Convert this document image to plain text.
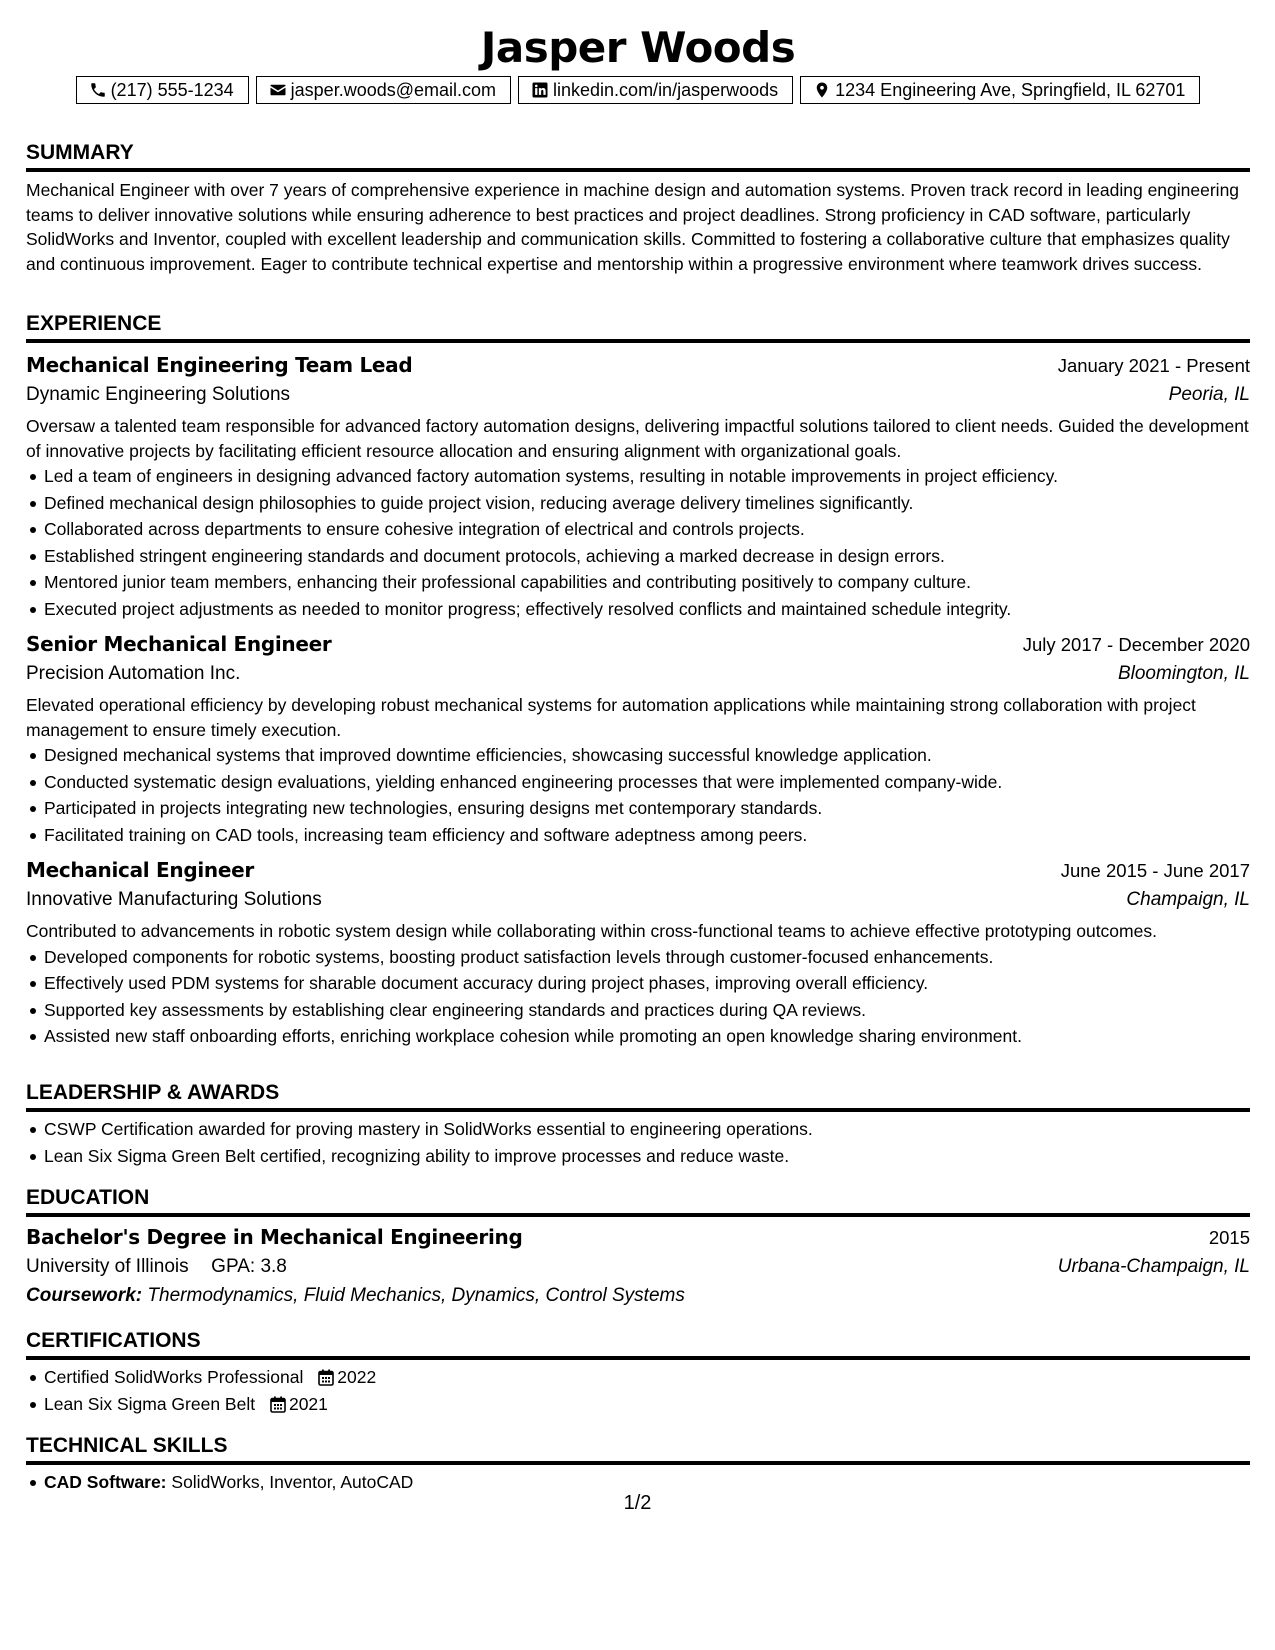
Jasper Woods
(217) 555-1234	jasper.woods@email.com	linkedin.com/in/jasperwoods	1234 Engineering Ave, Springfield, IL 62701
SUMMARY

Mechanical Engineer with over 7 years of comprehensive experience in machine design and automation systems. Proven track record in leading engineering teams to deliver innovative solutions while ensuring adherence to best practices and project deadlines. Strong proficiency in CAD software, particularly SolidWorks and Inventor, coupled with excellent leadership and communication skills. Committed to fostering a collaborative culture that emphasizes quality and continuous improvement. Eager to contribute technical expertise and mentorship within a progressive environment where teamwork drives success.

EXPERIENCE
Mechanical Engineering Team Lead	January 2021 - Present
Dynamic Engineering Solutions	Peoria, IL

Oversaw a talented team responsible for advanced factory automation designs, delivering impactful solutions tailored to client needs. Guided the development of innovative projects by facilitating efficient resource allocation and ensuring alignment with organizational goals.

Led a team of engineers in designing advanced factory automation systems, resulting in notable improvements in project efficiency.
Defined mechanical design philosophies to guide project vision, reducing average delivery timelines significantly.
Collaborated across departments to ensure cohesive integration of electrical and controls projects.
Established stringent engineering standards and document protocols, achieving a marked decrease in design errors.
Mentored junior team members, enhancing their professional capabilities and contributing positively to company culture.
Executed project adjustments as needed to monitor progress; effectively resolved conflicts and maintained schedule integrity.
Senior Mechanical Engineer	July 2017 - December 2020
Precision Automation Inc.	Bloomington, IL

Elevated operational efficiency by developing robust mechanical systems for automation applications while maintaining strong collaboration with project management to ensure timely execution.

Designed mechanical systems that improved downtime efficiencies, showcasing successful knowledge application.
Conducted systematic design evaluations, yielding enhanced engineering processes that were implemented company-wide.
Participated in projects integrating new technologies, ensuring designs met contemporary standards.
Facilitated training on CAD tools, increasing team efficiency and software adeptness among peers.
Mechanical Engineer	June 2015 - June 2017
Innovative Manufacturing Solutions	Champaign, IL

Contributed to advancements in robotic system design while collaborating within cross-functional teams to achieve effective prototyping outcomes.

Developed components for robotic systems, boosting product satisfaction levels through customer-focused enhancements.
Effectively used PDM systems for sharable document accuracy during project phases, improving overall efficiency.
Supported key assessments by establishing clear engineering standards and practices during QA reviews.
Assisted new staff onboarding efforts, enriching workplace cohesion while promoting an open knowledge sharing environment.
LEADERSHIP & AWARDS
CSWP Certification awarded for proving mastery in SolidWorks essential to engineering operations.
Lean Six Sigma Green Belt certified, recognizing ability to improve processes and reduce waste.
EDUCATION
Bachelor's Degree in Mechanical Engineering	2015
University of Illinois GPA: 3.8	Urbana-Champaign, IL
Coursework: Thermodynamics, Fluid Mechanics, Dynamics, Control Systems
CERTIFICATIONS
Certified SolidWorks Professional 2022
Lean Six Sigma Green Belt 2021
TECHNICAL SKILLS
CAD Software: SolidWorks, Inventor, AutoCAD
1/2
